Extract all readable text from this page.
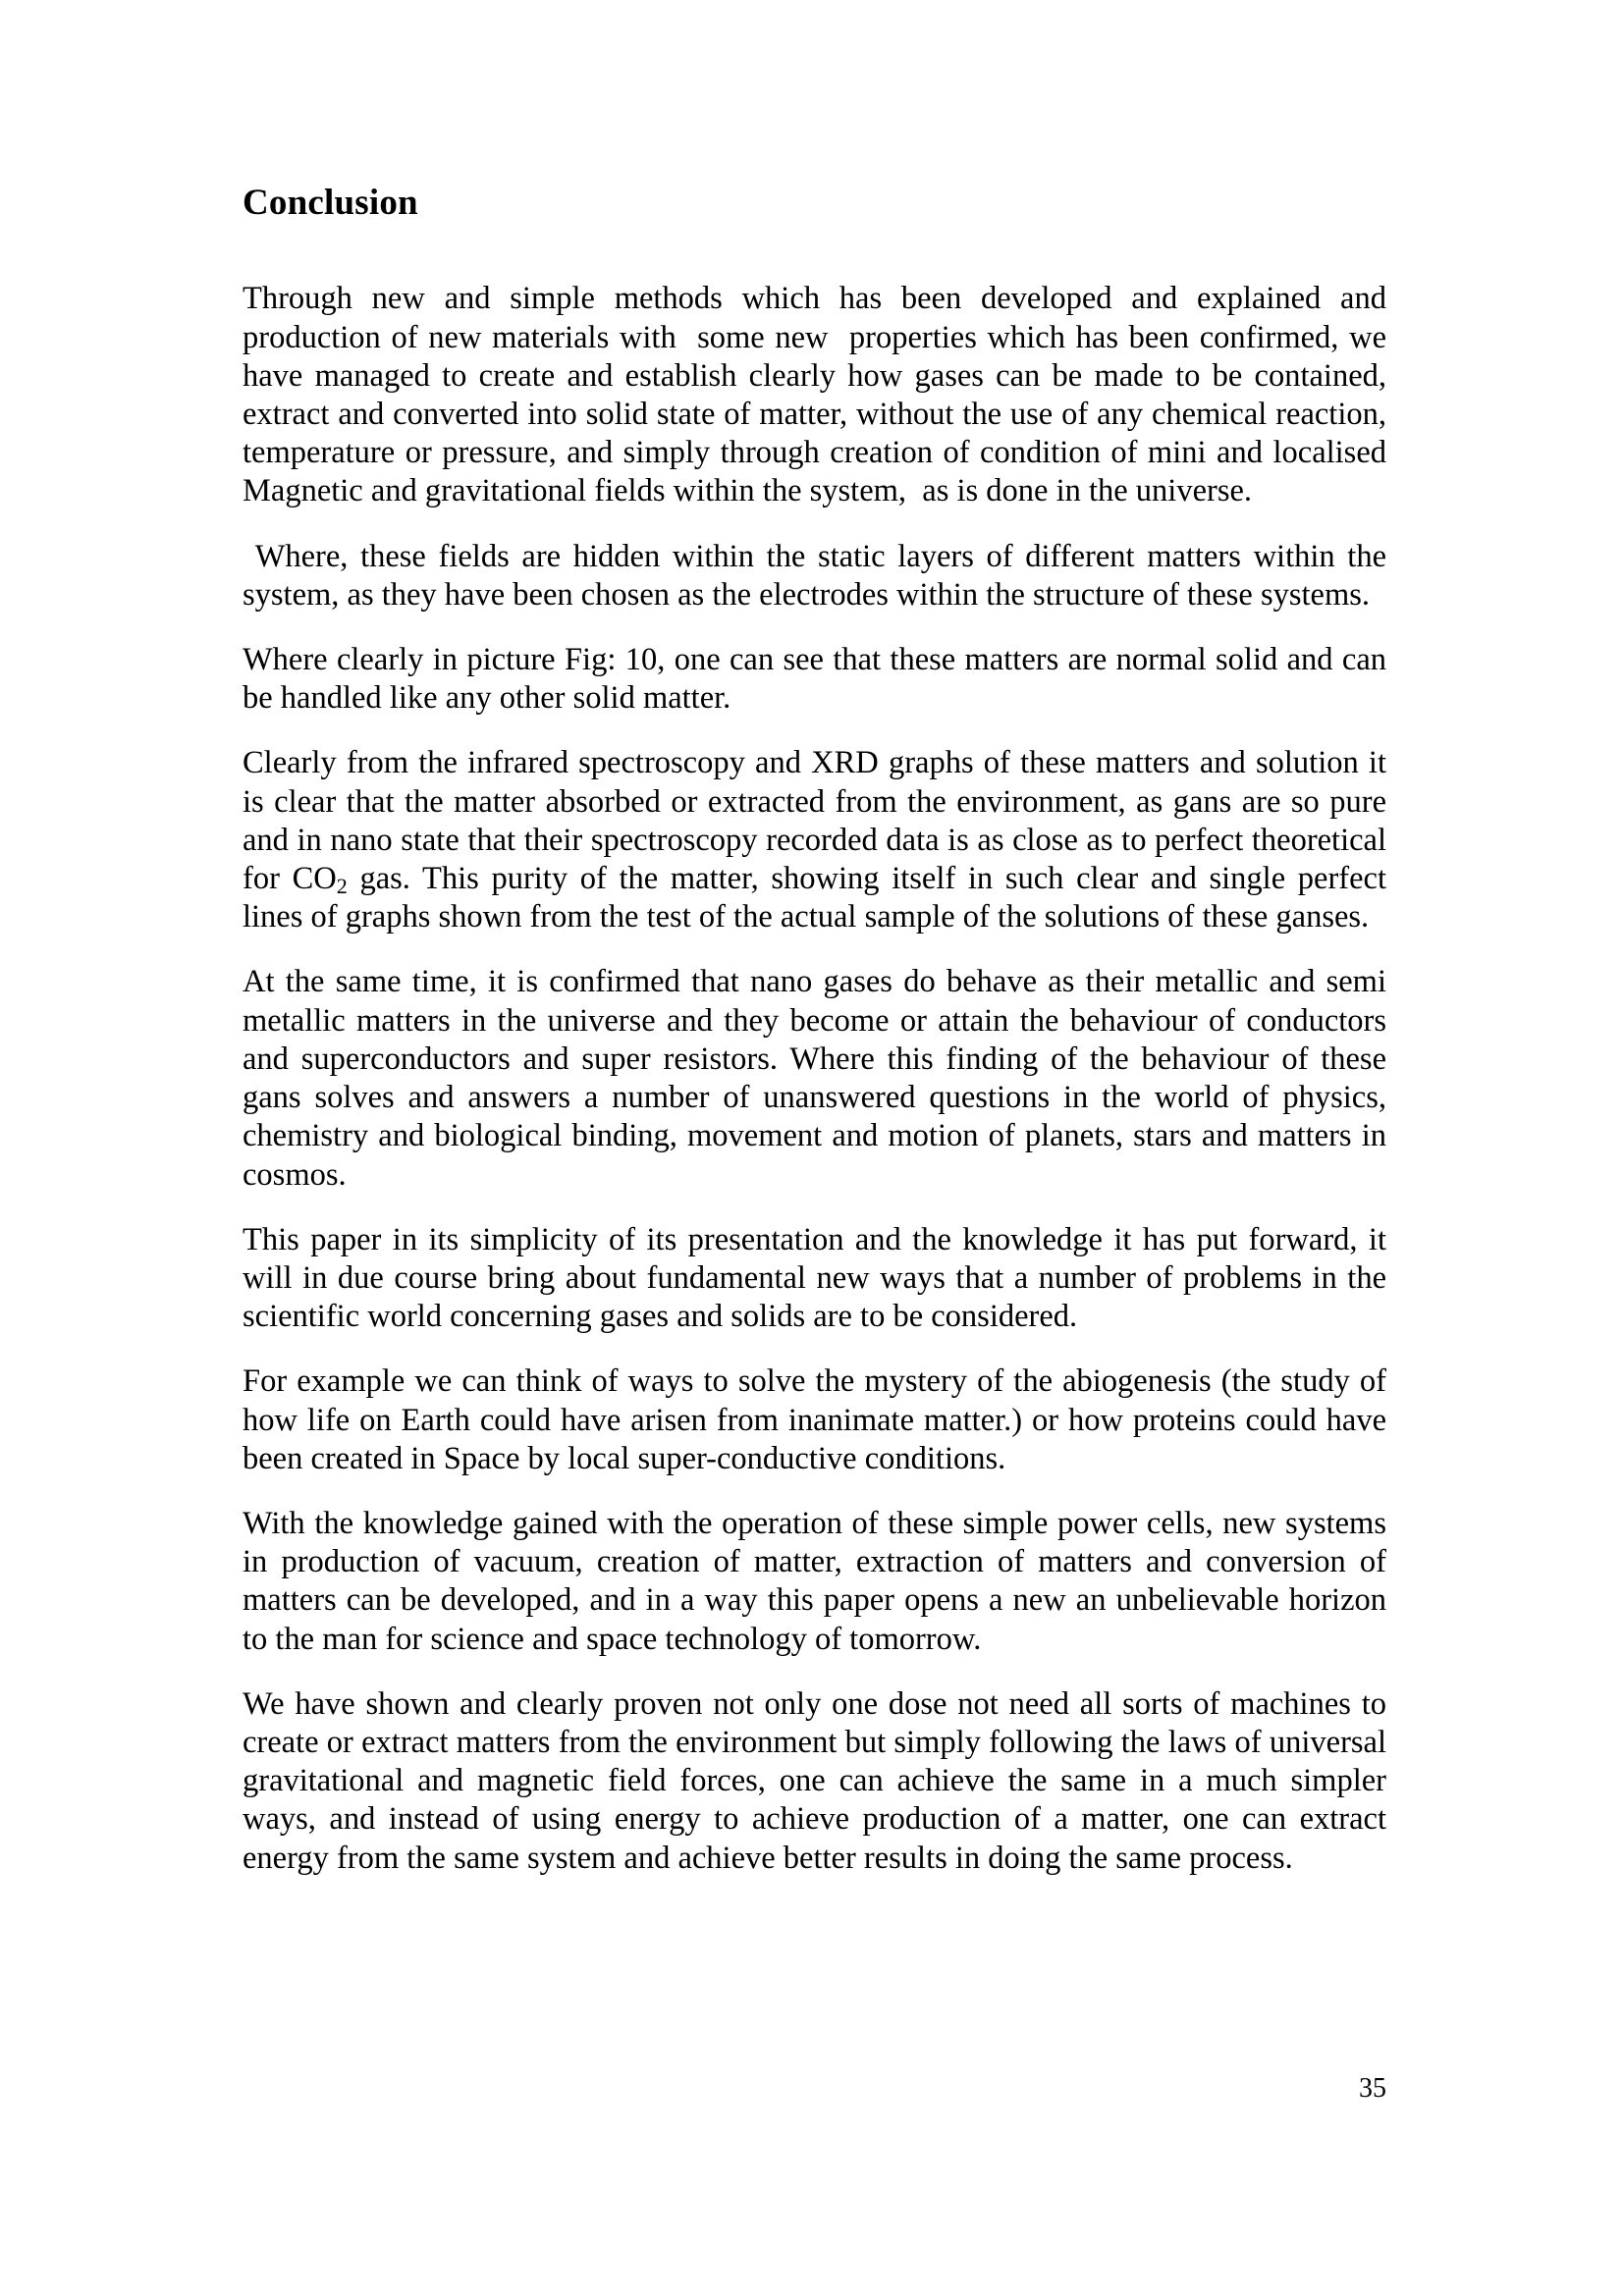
Conclusion

Through new and simple methods which has been developed and explained and production of new materials with  some new  properties which has been confirmed, we have managed to create and establish clearly how gases can be made to be contained, extract and converted into solid state of matter, without the use of any chemical reaction, temperature or pressure, and simply through creation of condition of mini and localised Magnetic and gravitational fields within the system,  as is done in the universe.

Where, these fields are hidden within the static layers of different matters within the system, as they have been chosen as the electrodes within the structure of these systems.

Where clearly in picture Fig: 10, one can see that these matters are normal solid and can be handled like any other solid matter.

Clearly from the infrared spectroscopy and XRD graphs of these matters and solution it is clear that the matter absorbed or extracted from the environment, as gans are so pure and in nano state that their spectroscopy recorded data is as close as to perfect theoretical for $CO_2$ gas. This purity of the matter, showing itself in such clear and single perfect lines of graphs shown from the test of the actual sample of the solutions of these ganses.

At the same time, it is confirmed that nano gases do behave as their metallic and semi metallic matters in the universe and they become or attain the behaviour of conductors and superconductors and super resistors. Where this finding of the behaviour of these gans solves and answers a number of unanswered questions in the world of physics, chemistry and biological binding, movement and motion of planets, stars and matters in cosmos.

This paper in its simplicity of its presentation and the knowledge it has put forward, it will in due course bring about fundamental new ways that a number of problems in the scientific world concerning gases and solids are to be considered.

For example we can think of ways to solve the mystery of the abiogenesis (the study of how life on Earth could have arisen from inanimate matter.) or how proteins could have been created in Space by local super-conductive conditions.

With the knowledge gained with the operation of these simple power cells, new systems in production of vacuum, creation of matter, extraction of matters and conversion of matters can be developed, and in a way this paper opens a new an unbelievable horizon to the man for science and space technology of tomorrow.

We have shown and clearly proven not only one dose not need all sorts of machines to create or extract matters from the environment but simply following the laws of universal gravitational and magnetic field forces, one can achieve the same in a much simpler ways, and instead of using energy to achieve production of a matter, one can extract energy from the same system and achieve better results in doing the same process.

35
